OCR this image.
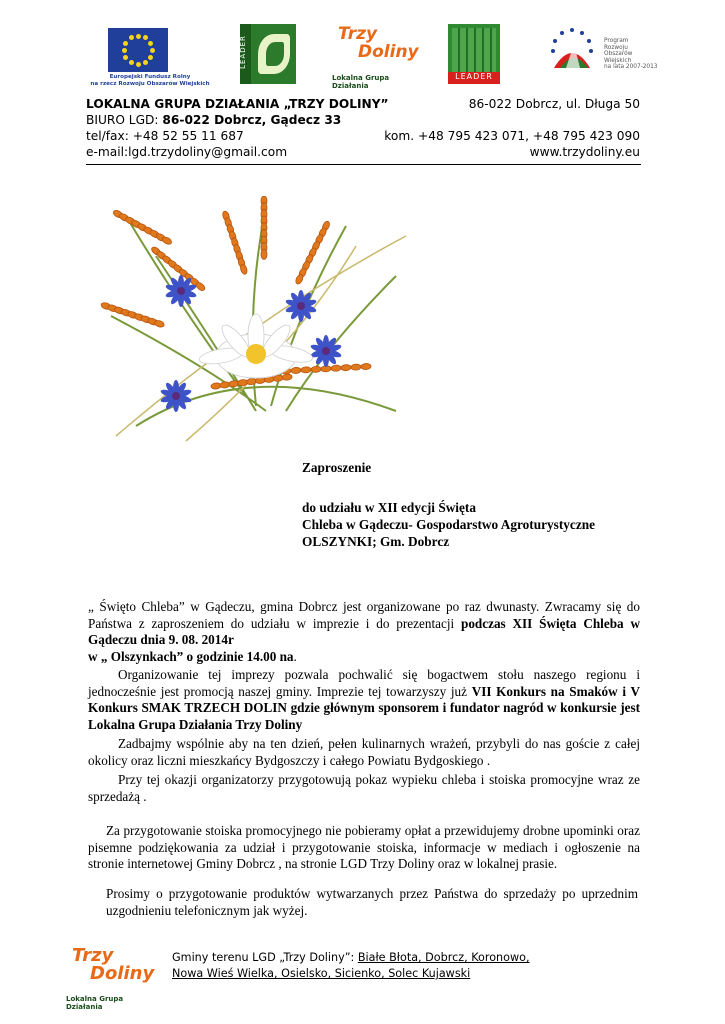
Europejski Fundusz Rolny
na rzecz Rozwoju Obszarów Wiejskich
LEADER
Trzy
Doliny
Lokalna Grupa Działania
LEADER
Program
Rozwoju
Obszarów
Wiejskich
na lata 2007-2013
LOKALNA GRUPA DZIAŁANIA „TRZY DOLINY”	86-022 Dobrcz, ul. Długa 50
BIURO LGD: 86-022 Dobrcz, Gądecz 33
tel/fax: +48 52 55 11 687	kom. +48 795 423 071, +48 795 423 090
e-mail:lgd.trzydoliny@gmail.com	www.trzydoliny.eu
Zaproszenie
do udziału w XII edycji Święta
Chleba w Gądeczu- Gospodarstwo Agroturystyczne
OLSZYNKI; Gm. Dobrcz
„ Święto Chleba” w Gądeczu, gmina Dobrcz jest organizowane po raz dwunasty. Zwracamy się do Państwa z zaproszeniem do udziału w imprezie i do prezentacji podczas XII Święta Chleba w Gądeczu dnia 9. 08. 2014r
w „ Olszynkach” o godzinie 14.00 na.
Organizowanie tej imprezy pozwala pochwalić się bogactwem stołu naszego regionu i jednocześnie jest promocją naszej gminy. Imprezie tej towarzyszy już VII Konkurs na Smaków i V Konkurs SMAK TRZECH DOLIN gdzie głównym sponsorem i fundator nagród w konkursie jest Lokalna Grupa Działania Trzy Doliny
Zadbajmy wspólnie aby na ten dzień, pełen kulinarnych wrażeń, przybyli do nas goście z całej okolicy oraz liczni mieszkańcy Bydgoszczy i całego Powiatu Bydgoskiego .
Przy tej okazji organizatorzy przygotowują pokaz wypieku chleba i stoiska promocyjne wraz ze sprzedażą .
Za przygotowanie stoiska promocyjnego nie pobieramy opłat a przewidujemy drobne upominki oraz pisemne podziękowania za udział i przygotowanie stoiska, informacje w mediach i ogłoszenie na stronie internetowej Gminy Dobrcz , na stronie LGD Trzy Doliny oraz w lokalnej prasie.
Prosimy o przygotowanie produktów wytwarzanych przez Państwa do sprzedaży po uprzednim uzgodnieniu telefonicznym jak wyżej.
Trzy
Doliny
Lokalna Grupa Działania
Gminy terenu LGD „Trzy Doliny”: Białe Błota, Dobrcz, Koronowo,
Nowa Wieś Wielka, Osielsko, Sicienko, Solec Kujawski
